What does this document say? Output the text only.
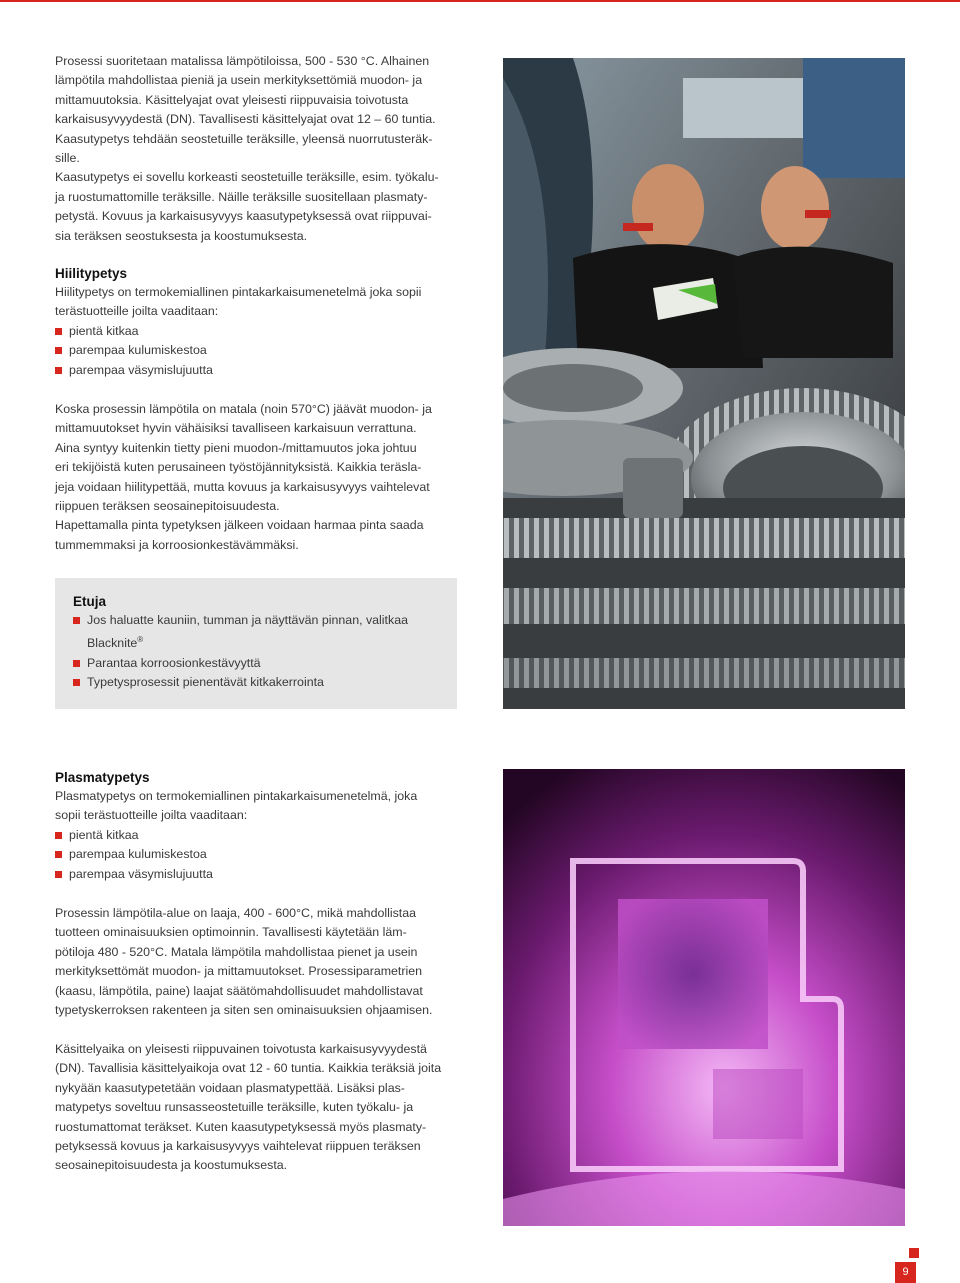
Prosessi suoritetaan matalissa lämpötiloissa, 500 - 530 °C. Alhainen

lämpötila mahdollistaa pieniä ja usein merkityksettömiä muodon- ja

mittamuutoksia. Käsittelyajat ovat yleisesti riippuvaisia toivotusta

karkaisusyvyydestä (DN). Tavallisesti käsittelyajat ovat 12 – 60 tuntia.

Kaasutypetys tehdään seostetuille teräksille, yleensä nuorrutusteräk-

sille.

Kaasutypetys ei sovellu korkeasti seostetuille teräksille, esim. työkalu-

ja ruostumattomille teräksille. Näille teräksille suositellaan plasmaty-

petystä. Kovuus ja karkaisusyvyys kaasutypetyksessä ovat riippuvai-

sia teräksen seostuksesta ja koostumuksesta.

Hiilitypetys

Hiilitypetys on termokemiallinen pintakarkaisumenetelmä joka sopii

terästuotteille joilta vaaditaan:

pientä kitkaa
parempaa kulumiskestoa
parempaa väsymislujuutta

Koska prosessin lämpötila on matala (noin 570°C) jäävät muodon- ja

mittamuutokset hyvin vähäisiksi tavalliseen karkaisuun verrattuna.

Aina syntyy kuitenkin tietty pieni muodon-/mittamuutos joka johtuu

eri tekijöistä kuten perusaineen työstöjännityksistä. Kaikkia teräsla-

jeja voidaan hiilitypettää, mutta kovuus ja karkaisusyvyys vaihtelevat

riippuen teräksen seosainepitoisuudesta.

Hapettamalla pinta typetyksen jälkeen voidaan harmaa pinta saada

tummemmaksi ja korroosionkestävämmäksi.

Etuja
Jos haluatte kauniin, tumman ja näyttävän pinnan, valitkaa
Blacknite®
Parantaa korroosionkestävyyttä
Typetysprosessit pienentävät kitkakerrointa
Plasmatypetys

Plasmatypetys on termokemiallinen pintakarkaisumenetelmä, joka

sopii terästuotteille joilta vaaditaan:

pientä kitkaa
parempaa kulumiskestoa
parempaa väsymislujuutta

Prosessin lämpötila-alue on laaja, 400 - 600°C, mikä mahdollistaa

tuotteen ominaisuuksien optimoinnin. Tavallisesti käytetään läm-

pötiloja 480 - 520°C. Matala lämpötila mahdollistaa pienet ja usein

merkityksettömät muodon- ja mittamuutokset. Prosessiparametrien

(kaasu, lämpötila, paine) laajat säätömahdollisuudet mahdollistavat

typetyskerroksen rakenteen ja siten sen ominaisuuksien ohjaamisen.

Käsittelyaika on yleisesti riippuvainen toivotusta karkaisusyvyydestä

(DN). Tavallisia käsittelyaikoja ovat 12 - 60 tuntia. Kaikkia teräksiä joita

nykyään kaasutypetetään voidaan plasmatypettää. Lisäksi plas-

matypetys soveltuu runsasseostetuille teräksille, kuten työkalu- ja

ruostumattomat teräkset. Kuten kaasutypetyksessä myös plasmaty-

petyksessä kovuus ja karkaisusyvyys vaihtelevat riippuen teräksen

seosainepitoisuudesta ja koostumuksesta.

9
